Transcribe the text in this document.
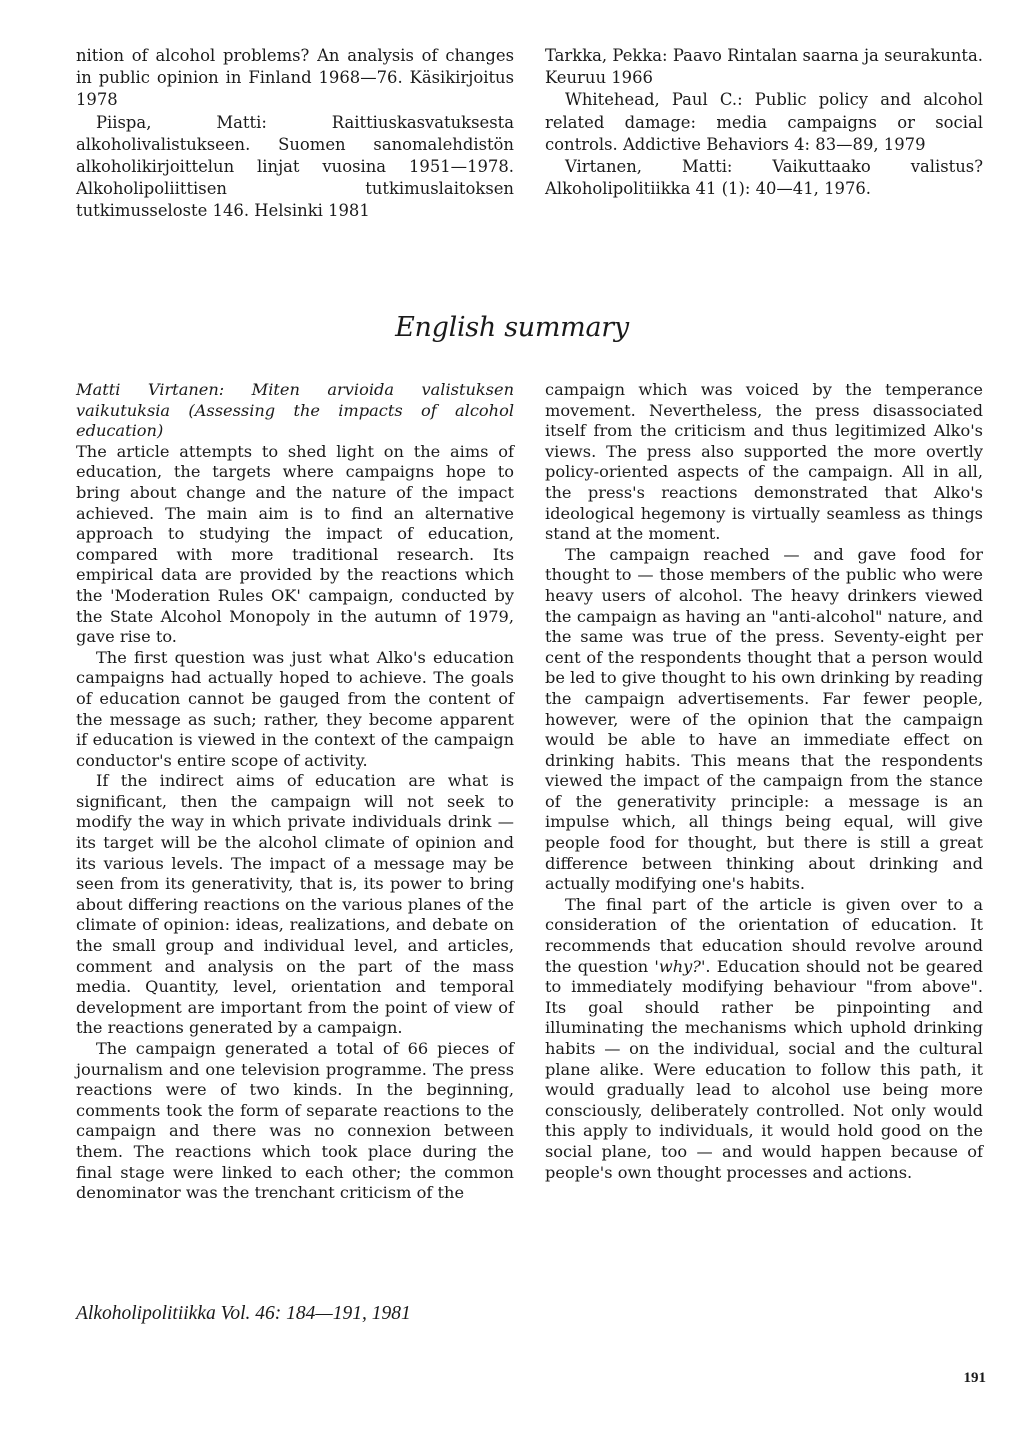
nition of alcohol problems? An analysis of changes in public opinion in Finland 1968—76. Käsikirjoitus 1978

Piispa, Matti: Raittiuskasvatuksesta alkoholivalistukseen. Suomen sanomalehdistön alkoholikirjoittelun linjat vuosina 1951—1978. Alkoholipoliittisen tutkimuslaitoksen tutkimusseloste 146. Helsinki 1981

Tarkka, Pekka: Paavo Rintalan saarna ja seurakunta. Keuruu 1966

Whitehead, Paul C.: Public policy and alcohol related damage: media campaigns or social controls. Addictive Behaviors 4: 83—89, 1979

Virtanen, Matti: Vaikuttaako valistus? Alkoholipolitiikka 41 (1): 40—41, 1976.

English summary

Matti Virtanen: Miten arvioida valistuksen vaikutuksia (Assessing the impacts of alcohol education)

The article attempts to shed light on the aims of education, the targets where campaigns hope to bring about change and the nature of the impact achieved. The main aim is to find an alternative approach to studying the impact of education, compared with more traditional research. Its empirical data are provided by the reactions which the 'Moderation Rules OK' campaign, conducted by the State Alcohol Monopoly in the autumn of 1979, gave rise to.

The first question was just what Alko's education campaigns had actually hoped to achieve. The goals of education cannot be gauged from the content of the message as such; rather, they become apparent if education is viewed in the context of the campaign conductor's entire scope of activity.

If the indirect aims of education are what is significant, then the campaign will not seek to modify the way in which private individuals drink — its target will be the alcohol climate of opinion and its various levels. The impact of a message may be seen from its generativity, that is, its power to bring about differing reactions on the various planes of the climate of opinion: ideas, realizations, and debate on the small group and individual level, and articles, comment and analysis on the part of the mass media. Quantity, level, orientation and temporal development are important from the point of view of the reactions generated by a campaign.

The campaign generated a total of 66 pieces of journalism and one television programme. The press reactions were of two kinds. In the beginning, comments took the form of separate reactions to the campaign and there was no connexion between them. The reactions which took place during the final stage were linked to each other; the common denominator was the trenchant criticism of the

campaign which was voiced by the temperance movement. Nevertheless, the press disassociated itself from the criticism and thus legitimized Alko's views. The press also supported the more overtly policy-oriented aspects of the campaign. All in all, the press's reactions demonstrated that Alko's ideological hegemony is virtually seamless as things stand at the moment.

The campaign reached — and gave food for thought to — those members of the public who were heavy users of alcohol. The heavy drinkers viewed the campaign as having an "anti-alcohol" nature, and the same was true of the press. Seventy-eight per cent of the respondents thought that a person would be led to give thought to his own drinking by reading the campaign advertisements. Far fewer people, however, were of the opinion that the campaign would be able to have an immediate effect on drinking habits. This means that the respondents viewed the impact of the campaign from the stance of the generativity principle: a message is an impulse which, all things being equal, will give people food for thought, but there is still a great difference between thinking about drinking and actually modifying one's habits.

The final part of the article is given over to a consideration of the orientation of education. It recommends that education should revolve around the question 'why?'. Education should not be geared to immediately modifying behaviour "from above". Its goal should rather be pinpointing and illuminating the mechanisms which uphold drinking habits — on the individual, social and the cultural plane alike. Were education to follow this path, it would gradually lead to alcohol use being more consciously, deliberately controlled. Not only would this apply to individuals, it would hold good on the social plane, too — and would happen because of people's own thought processes and actions.

Alkoholipolitiikka Vol. 46: 184—191, 1981
191
